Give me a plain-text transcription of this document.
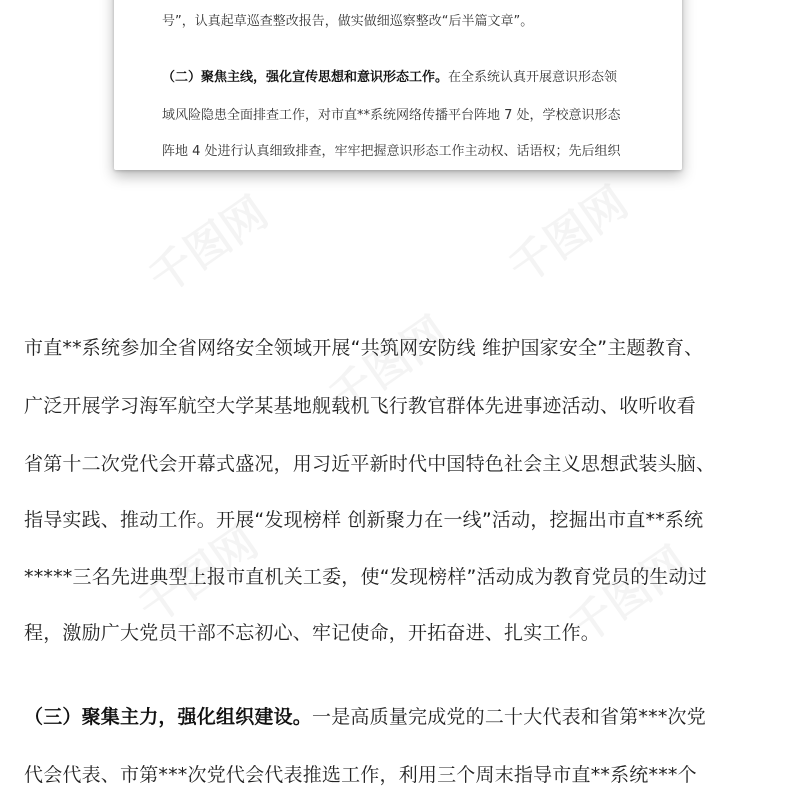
号”，认真起草巡查整改报告，做实做细巡察整改“后半篇文章”。
（二）聚焦主线，强化宣传思想和意识形态工作。在全系统认真开展意识形态领
域风险隐患全面排查工作，对市直**系统网络传播平台阵地 7 处，学校意识形态
阵地 4 处进行认真细致排查，牢牢把握意识形态工作主动权、话语权；先后组织
市直**系统参加全省网络安全领域开展“共筑网安防线 维护国家安全”主题教育、
广泛开展学习海军航空大学某基地舰载机飞行教官群体先进事迹活动、收听收看
省第十二次党代会开幕式盛况，用习近平新时代中国特色社会主义思想武装头脑、
指导实践、推动工作。开展“发现榜样 创新聚力在一线”活动，挖掘出市直**系统
*****三名先进典型上报市直机关工委，使“发现榜样”活动成为教育党员的生动过
程，激励广大党员干部不忘初心、牢记使命，开拓奋进、扎实工作。
（三）聚集主力，强化组织建设。一是高质量完成党的二十大代表和省第***次党
代会代表、市第***次党代会代表推选工作，利用三个周末指导市直**系统***个
